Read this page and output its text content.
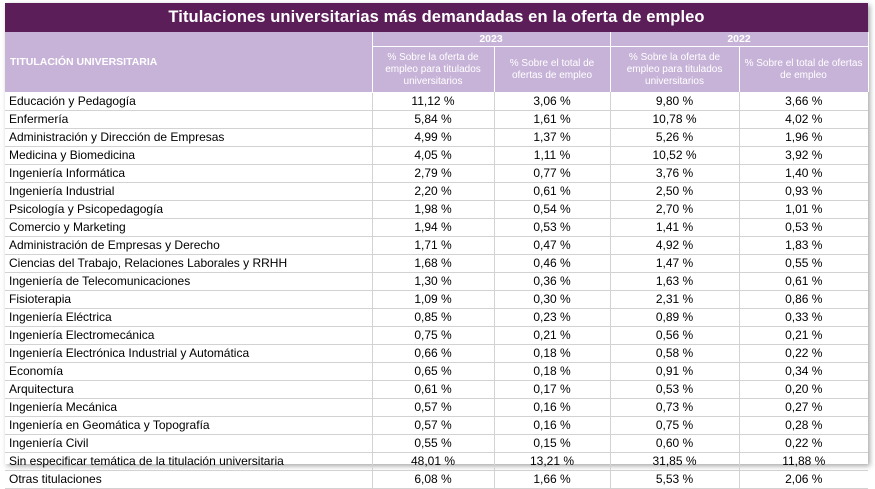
Titulaciones universitarias más demandadas en la oferta de empleo
TITULACIÓN UNIVERSITARIA	2023		2022	
	% Sobre la oferta de empleo para titulados universitarios	% Sobre el total de ofertas de empleo	% Sobre la oferta de empleo para titulados universitarios	% Sobre el total de ofertas de empleo
Educación y Pedagogía	11,12 %	3,06 %	9,80 %	3,66 %
Enfermería	5,84 %	1,61 %	10,78 %	4,02 %
Administración y Dirección de Empresas	4,99 %	1,37 %	5,26 %	1,96 %
Medicina y Biomedicina	4,05 %	1,11 %	10,52 %	3,92 %
Ingeniería Informática	2,79 %	0,77 %	3,76 %	1,40 %
Ingeniería Industrial	2,20 %	0,61 %	2,50 %	0,93 %
Psicología y Psicopedagogía	1,98 %	0,54 %	2,70 %	1,01 %
Comercio y Marketing	1,94 %	0,53 %	1,41 %	0,53 %
Administración de Empresas y Derecho	1,71 %	0,47 %	4,92 %	1,83 %
Ciencias del Trabajo, Relaciones Laborales y RRHH	1,68 %	0,46 %	1,47 %	0,55 %
Ingeniería de Telecomunicaciones	1,30 %	0,36 %	1,63 %	0,61 %
Fisioterapia	1,09 %	0,30 %	2,31 %	0,86 %
Ingeniería Eléctrica	0,85 %	0,23 %	0,89 %	0,33 %
Ingeniería Electromecánica	0,75 %	0,21 %	0,56 %	0,21 %
Ingeniería Electrónica Industrial y Automática	0,66 %	0,18 %	0,58 %	0,22 %
Economía	0,65 %	0,18 %	0,91 %	0,34 %
Arquitectura	0,61 %	0,17 %	0,53 %	0,20 %
Ingeniería Mecánica	0,57 %	0,16 %	0,73 %	0,27 %
Ingeniería en Geomática y Topografía	0,57 %	0,16 %	0,75 %	0,28 %
Ingeniería Civil	0,55 %	0,15 %	0,60 %	0,22 %
Sin especificar temática de la titulación universitaria	48,01 %	13,21 %	31,85 %	11,88 %
Otras titulaciones	6,08 %	1,66 %	5,53 %	2,06 %
